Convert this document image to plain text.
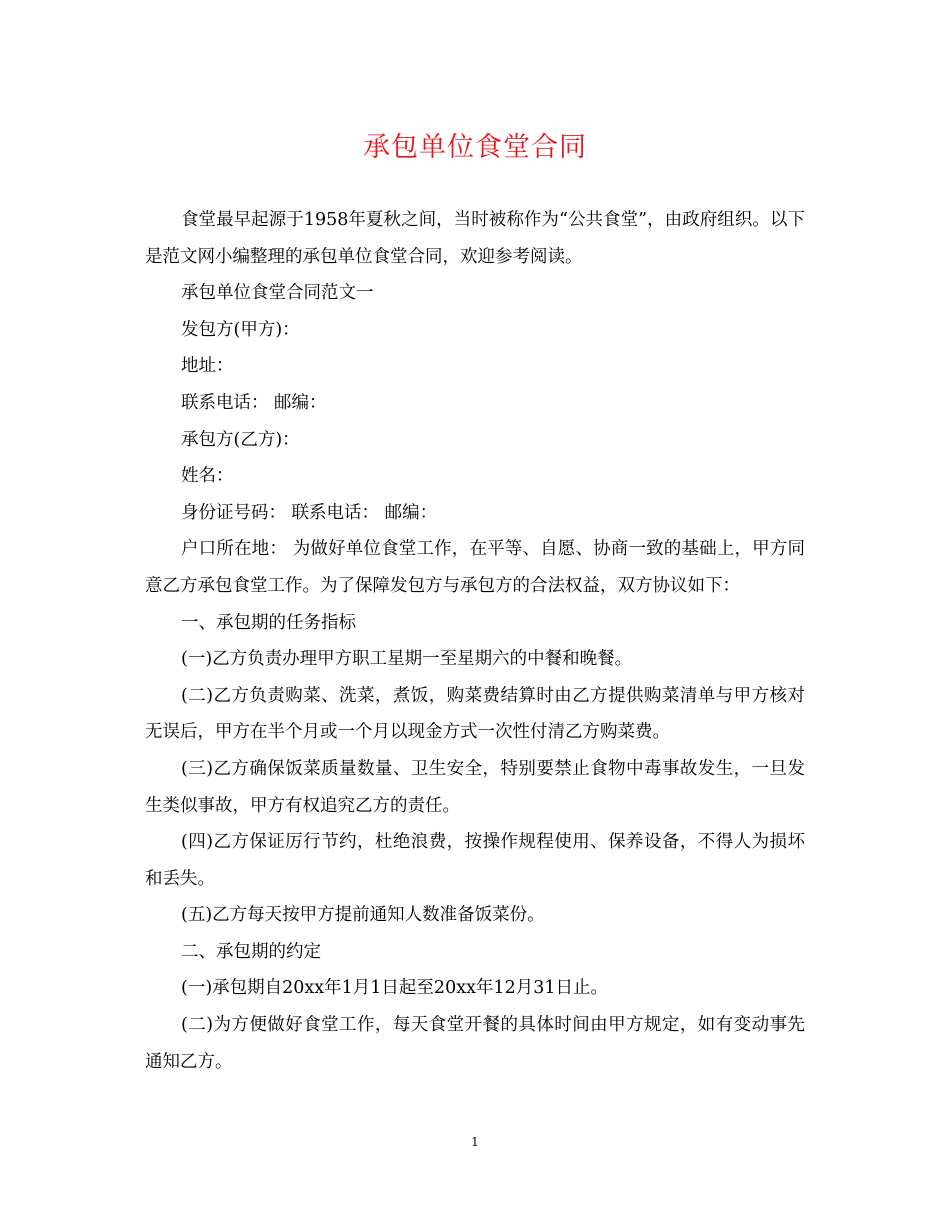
承包单位食堂合同

食堂最早起源于1958年夏秋之间，当时被称作为“公共食堂”，由政府组织。以下是范文网小编整理的承包单位食堂合同，欢迎参考阅读。

承包单位食堂合同范文一

发包方(甲方)：

地址：

联系电话： 邮编：

承包方(乙方)：

姓名：

身份证号码： 联系电话： 邮编：

户口所在地： 为做好单位食堂工作，在平等、自愿、协商一致的基础上，甲方同意乙方承包食堂工作。为了保障发包方与承包方的合法权益，双方协议如下：

一、承包期的任务指标

(一)乙方负责办理甲方职工星期一至星期六的中餐和晚餐。

(二)乙方负责购菜、洗菜，煮饭，购菜费结算时由乙方提供购菜清单与甲方核对无误后，甲方在半个月或一个月以现金方式一次性付清乙方购菜费。

(三)乙方确保饭菜质量数量、卫生安全，特别要禁止食物中毒事故发生，一旦发生类似事故，甲方有权追究乙方的责任。

(四)乙方保证厉行节约，杜绝浪费，按操作规程使用、保养设备，不得人为损坏和丢失。

(五)乙方每天按甲方提前通知人数准备饭菜份。

二、承包期的约定

(一)承包期自20xx年1月1日起至20xx年12月31日止。

(二)为方便做好食堂工作，每天食堂开餐的具体时间由甲方规定，如有变动事先通知乙方。

1
